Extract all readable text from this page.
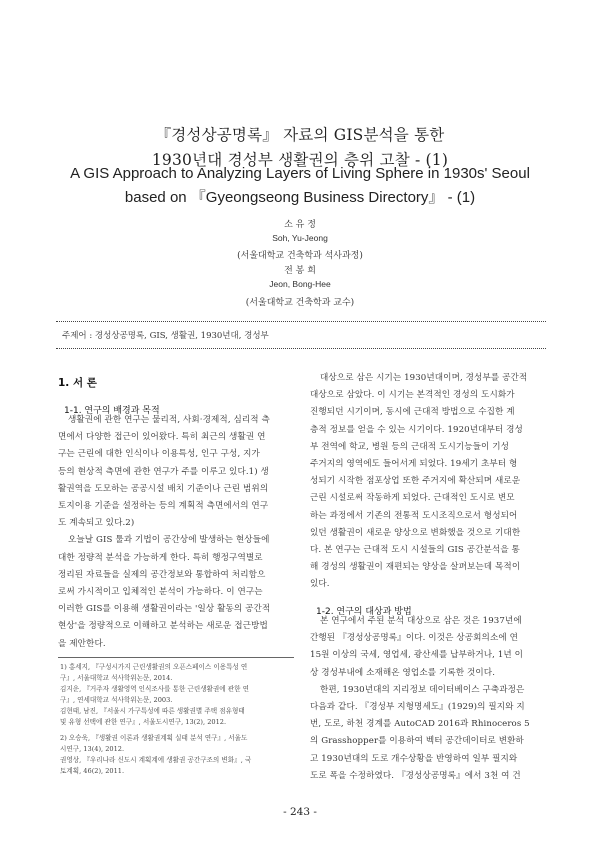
『경성상공명록』 자료의 GIS분석을 통한
1930년대 경성부 생활권의 층위 고찰 - (1)
A GIS Approach to Analyzing Layers of Living Sphere in 1930s' Seoul
based on 『Gyeongseong Business Directory』 - (1)
소 유 정
Soh, Yu-Jeong
(서울대학교 건축학과 석사과정)
전 봉 희
Jeon, Bong-Hee
(서울대학교 건축학과 교수)
주제어 : 경성상공명록, GIS, 생활권, 1930년대, 경성부
1. 서 론
1-1. 연구의 배경과 목적

생활권에 관한 연구는 물리적, 사회·경제적, 심리적 측

면에서 다양한 접근이 있어왔다. 특히 최근의 생활권 연

구는 근린에 대한 인식이나 이용특성, 인구 구성, 지가

등의 현상적 측면에 관한 연구가 주를 이루고 있다.1) 생

활권역을 도모하는 공공시설 배치 기준이나 근린 범위의

토지이용 기준을 설정하는 등의 계획적 측면에서의 연구

도 계속되고 있다.2)

오늘날 GIS 툴과 기법이 공간상에 발생하는 현상들에

대한 정량적 분석을 가능하게 한다. 특히 행정구역별로

정리된 자료들을 실제의 공간정보와 통합하여 처리함으

로써 가시적이고 입체적인 분석이 가능하다. 이 연구는

이러한 GIS를 이용해 생활권이라는 '일상 활동의 공간적

현상'을 정량적으로 이해하고 분석하는 새로운 접근방법

을 제안한다.

1) 홍세지, 『구성시가지 근린생활권의 오픈스페이스 이용특성 연
구』, 서울대학교 석사학위논문, 2014.
김지운, 『거주자 생활영역 인식조사를 통한 근린생활권에 관한 연
구』, 연세대학교 석사학위논문, 2003.
김현태, 남진, 『서울시 가구특성에 따른 생활권별 주택 점유형태
및 유형 선택에 관한 연구』, 서울도시연구, 13(2), 2012.
2) 오승욱, 『생활권 이론과 생활권계획 실태 분석 연구』, 서울도
시연구, 13(4), 2012.
권영상, 『우리나라 신도시 계획계에 생활권 공간구조의 변화』, 국
토계획, 46(2), 2011.

대상으로 삼은 시기는 1930년대이며, 경성부를 공간적

대상으로 삼았다. 이 시기는 본격적인 경성의 도시화가

진행되던 시기이며, 동시에 근대적 방법으로 수집한 계

층적 정보를 얻을 수 있는 시기이다. 1920년대부터 경성

부 전역에 학교, 병원 등의 근대적 도시기능들이 기성

주거지의 영역에도 들어서게 되었다. 19세기 초부터 형

성되기 시작한 점포상업 또한 주거지에 확산되며 새로운

근린 시설로써 작동하게 되었다. 근대적인 도시로 변모

하는 과정에서 기존의 전통적 도시조직으로서 형성되어

있던 생활권이 새로운 양상으로 변화했을 것으로 기대한

다. 본 연구는 근대적 도시 시설들의 GIS 공간분석을 통

해 경성의 생활권이 재편되는 양상을 살펴보는데 목적이

있다.

1-2. 연구의 대상과 방법

본 연구에서 주된 분석 대상으로 삼은 것은 1937년에

간행된 『경성상공명록』이다. 이것은 상공회의소에 연

15원 이상의 국세, 영업세, 광산세를 납부하거나, 1년 이

상 경성부내에 소재해온 영업소를 기록한 것이다.

한편, 1930년대의 지리정보 데이터베이스 구축과정은

다음과 같다. 『경성부 지형명세도』(1929)의 필지와 지

번, 도로, 하천 경계를 AutoCAD 2016과 Rhinoceros 5

의 Grasshopper를 이용하여 벡터 공간데이터로 변환하

고 1930년대의 도로 개수상황을 반영하여 일부 필지와

도로 폭을 수정하였다. 『경성상공명록』에서 3천 여 건

- 243 -
